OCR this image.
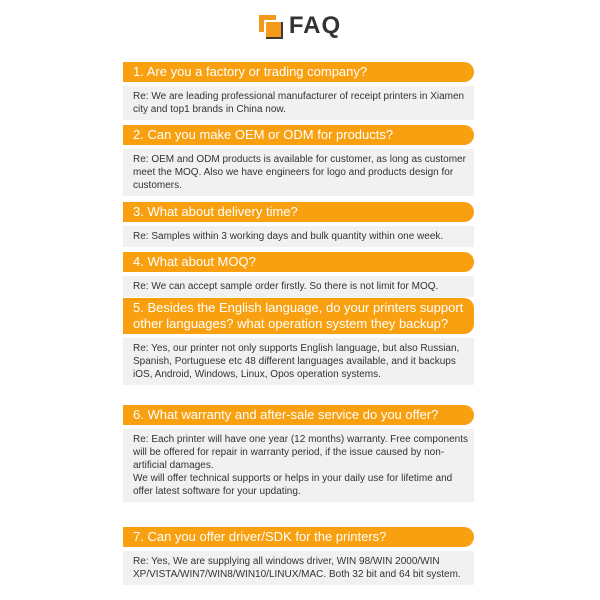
FAQ
1. Are you a factory or trading company?
Re: We are leading professional manufacturer of receipt printers in Xiamen city and top1 brands in China now.
2. Can you make OEM or ODM for products?
Re: OEM and ODM products is available for customer, as long as customer meet the MOQ. Also we have engineers for logo and products design for customers.
3. What about delivery time?
Re: Samples within 3 working days and bulk quantity within one week.
4. What about MOQ?
Re: We can accept sample order firstly. So there is not limit for MOQ.
5. Besides the English language, do your printers support other languages? what operation system they backup?
Re: Yes, our printer not only supports English language, but also Russian, Spanish, Portuguese etc 48 different languages available, and it backups iOS, Android, Windows, Linux, Opos operation systems.
6. What warranty and after-sale service do you offer?
Re: Each printer will have one year (12 months) warranty. Free components will be offered for repair in warranty period, if the issue caused by non-artificial damages.
We will offer technical supports or helps in your daily use for lifetime and offer latest software for your updating.
7. Can you offer driver/SDK for the printers?
Re: Yes, We are supplying all windows driver, WIN 98/WIN 2000/WIN XP/VISTA/WIN7/WIN8/WIN10/LINUX/MAC. Both 32 bit and 64 bit system.
